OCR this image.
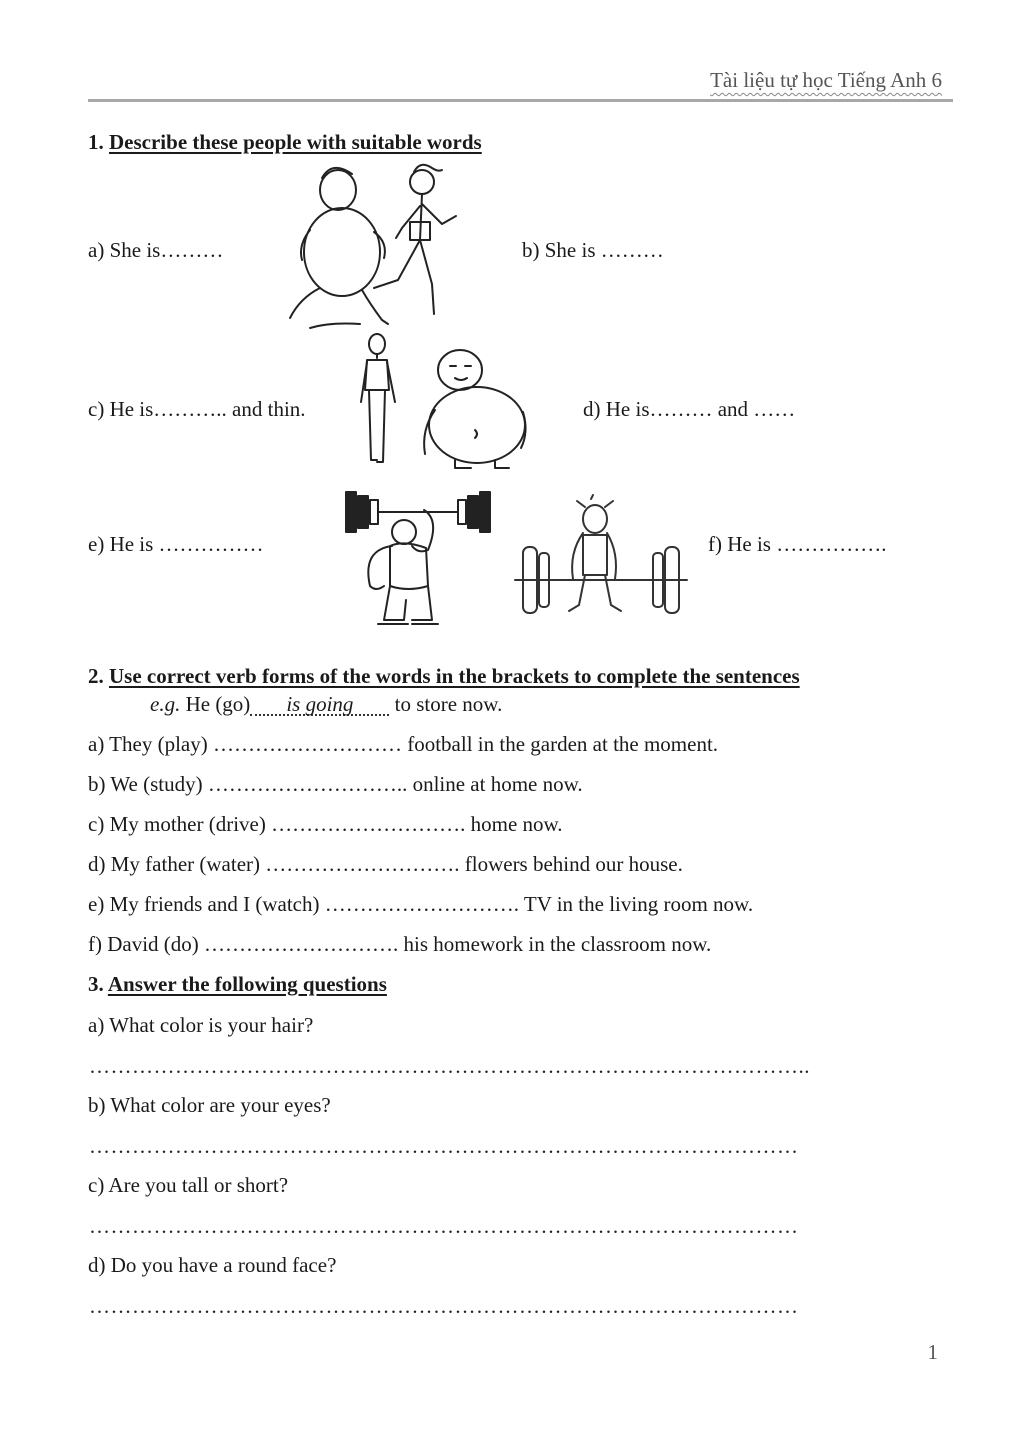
Tài liệu tự học Tiếng Anh 6
1. Describe these people with suitable words
a) She is………	b) She is ………
c) He is……….. and thin.	d) He is……… and ……
e) He is ……………	f) He is …………….
2. Use correct verb forms of the words in the brackets to complete the sentences
e.g. He (go) is going to store now.
a) They (play) ……………………… football in the garden at the moment.
b) We (study) ……………………….. online at home now.
c) My mother (drive) ………………………. home now.
d) My father (water) ………………………. flowers behind our house.
e) My friends and I (watch) ………………………. TV in the living room now.
f) David (do) ………………………. his homework in the classroom now.
3. Answer the following questions
a) What color is your hair?
………………………………………………………………………………………..
b) What color are your eyes?
………………………………………………………………………………………
c) Are you tall or short?
………………………………………………………………………………………
d) Do you have a round face?
………………………………………………………………………………………
1
